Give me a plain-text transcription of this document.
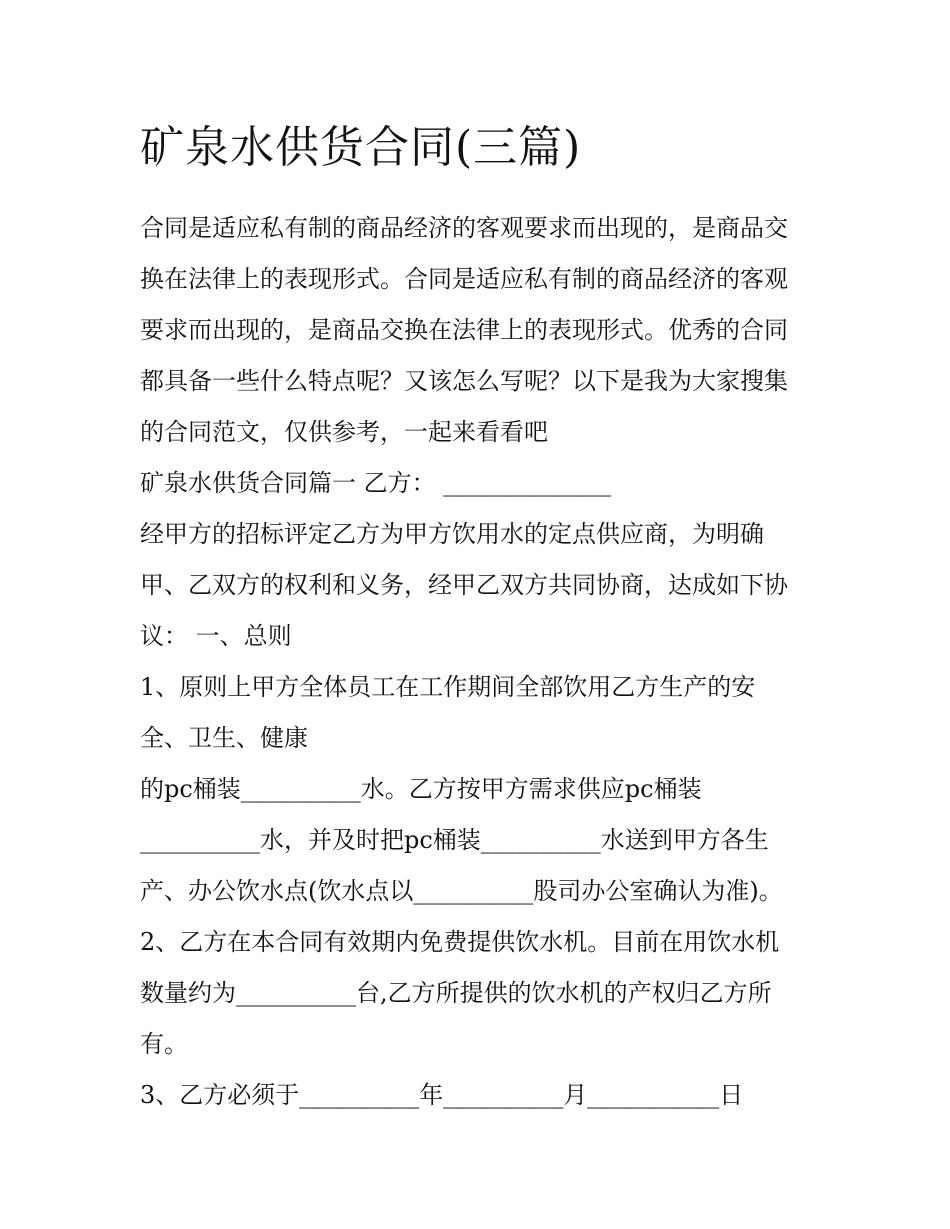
矿泉水供货合同(三篇)
合同是适应私有制的商品经济的客观要求而出现的，是商品交
换在法律上的表现形式。合同是适应私有制的商品经济的客观
要求而出现的，是商品交换在法律上的表现形式。优秀的合同
都具备一些什么特点呢？又该怎么写呢？以下是我为大家搜集
的合同范文，仅供参考，一起来看看吧
矿泉水供货合同篇一 乙方： ______________
经甲方的招标评定乙方为甲方饮用水的定点供应商，为明确
甲、乙双方的权利和义务，经甲乙双方共同协商，达成如下协
议： 一、总则
1、原则上甲方全体员工在工作期间全部饮用乙方生产的安
全、卫生、健康
的pc桶装__________水。乙方按甲方需求供应pc桶装
__________水，并及时把pc桶装__________水送到甲方各生
产、办公饮水点(饮水点以__________股司办公室确认为准)。
2、乙方在本合同有效期内免费提供饮水机。目前在用饮水机
数量约为__________台,乙方所提供的饮水机的产权归乙方所
有。
3、乙方必须于__________年__________月___________日
